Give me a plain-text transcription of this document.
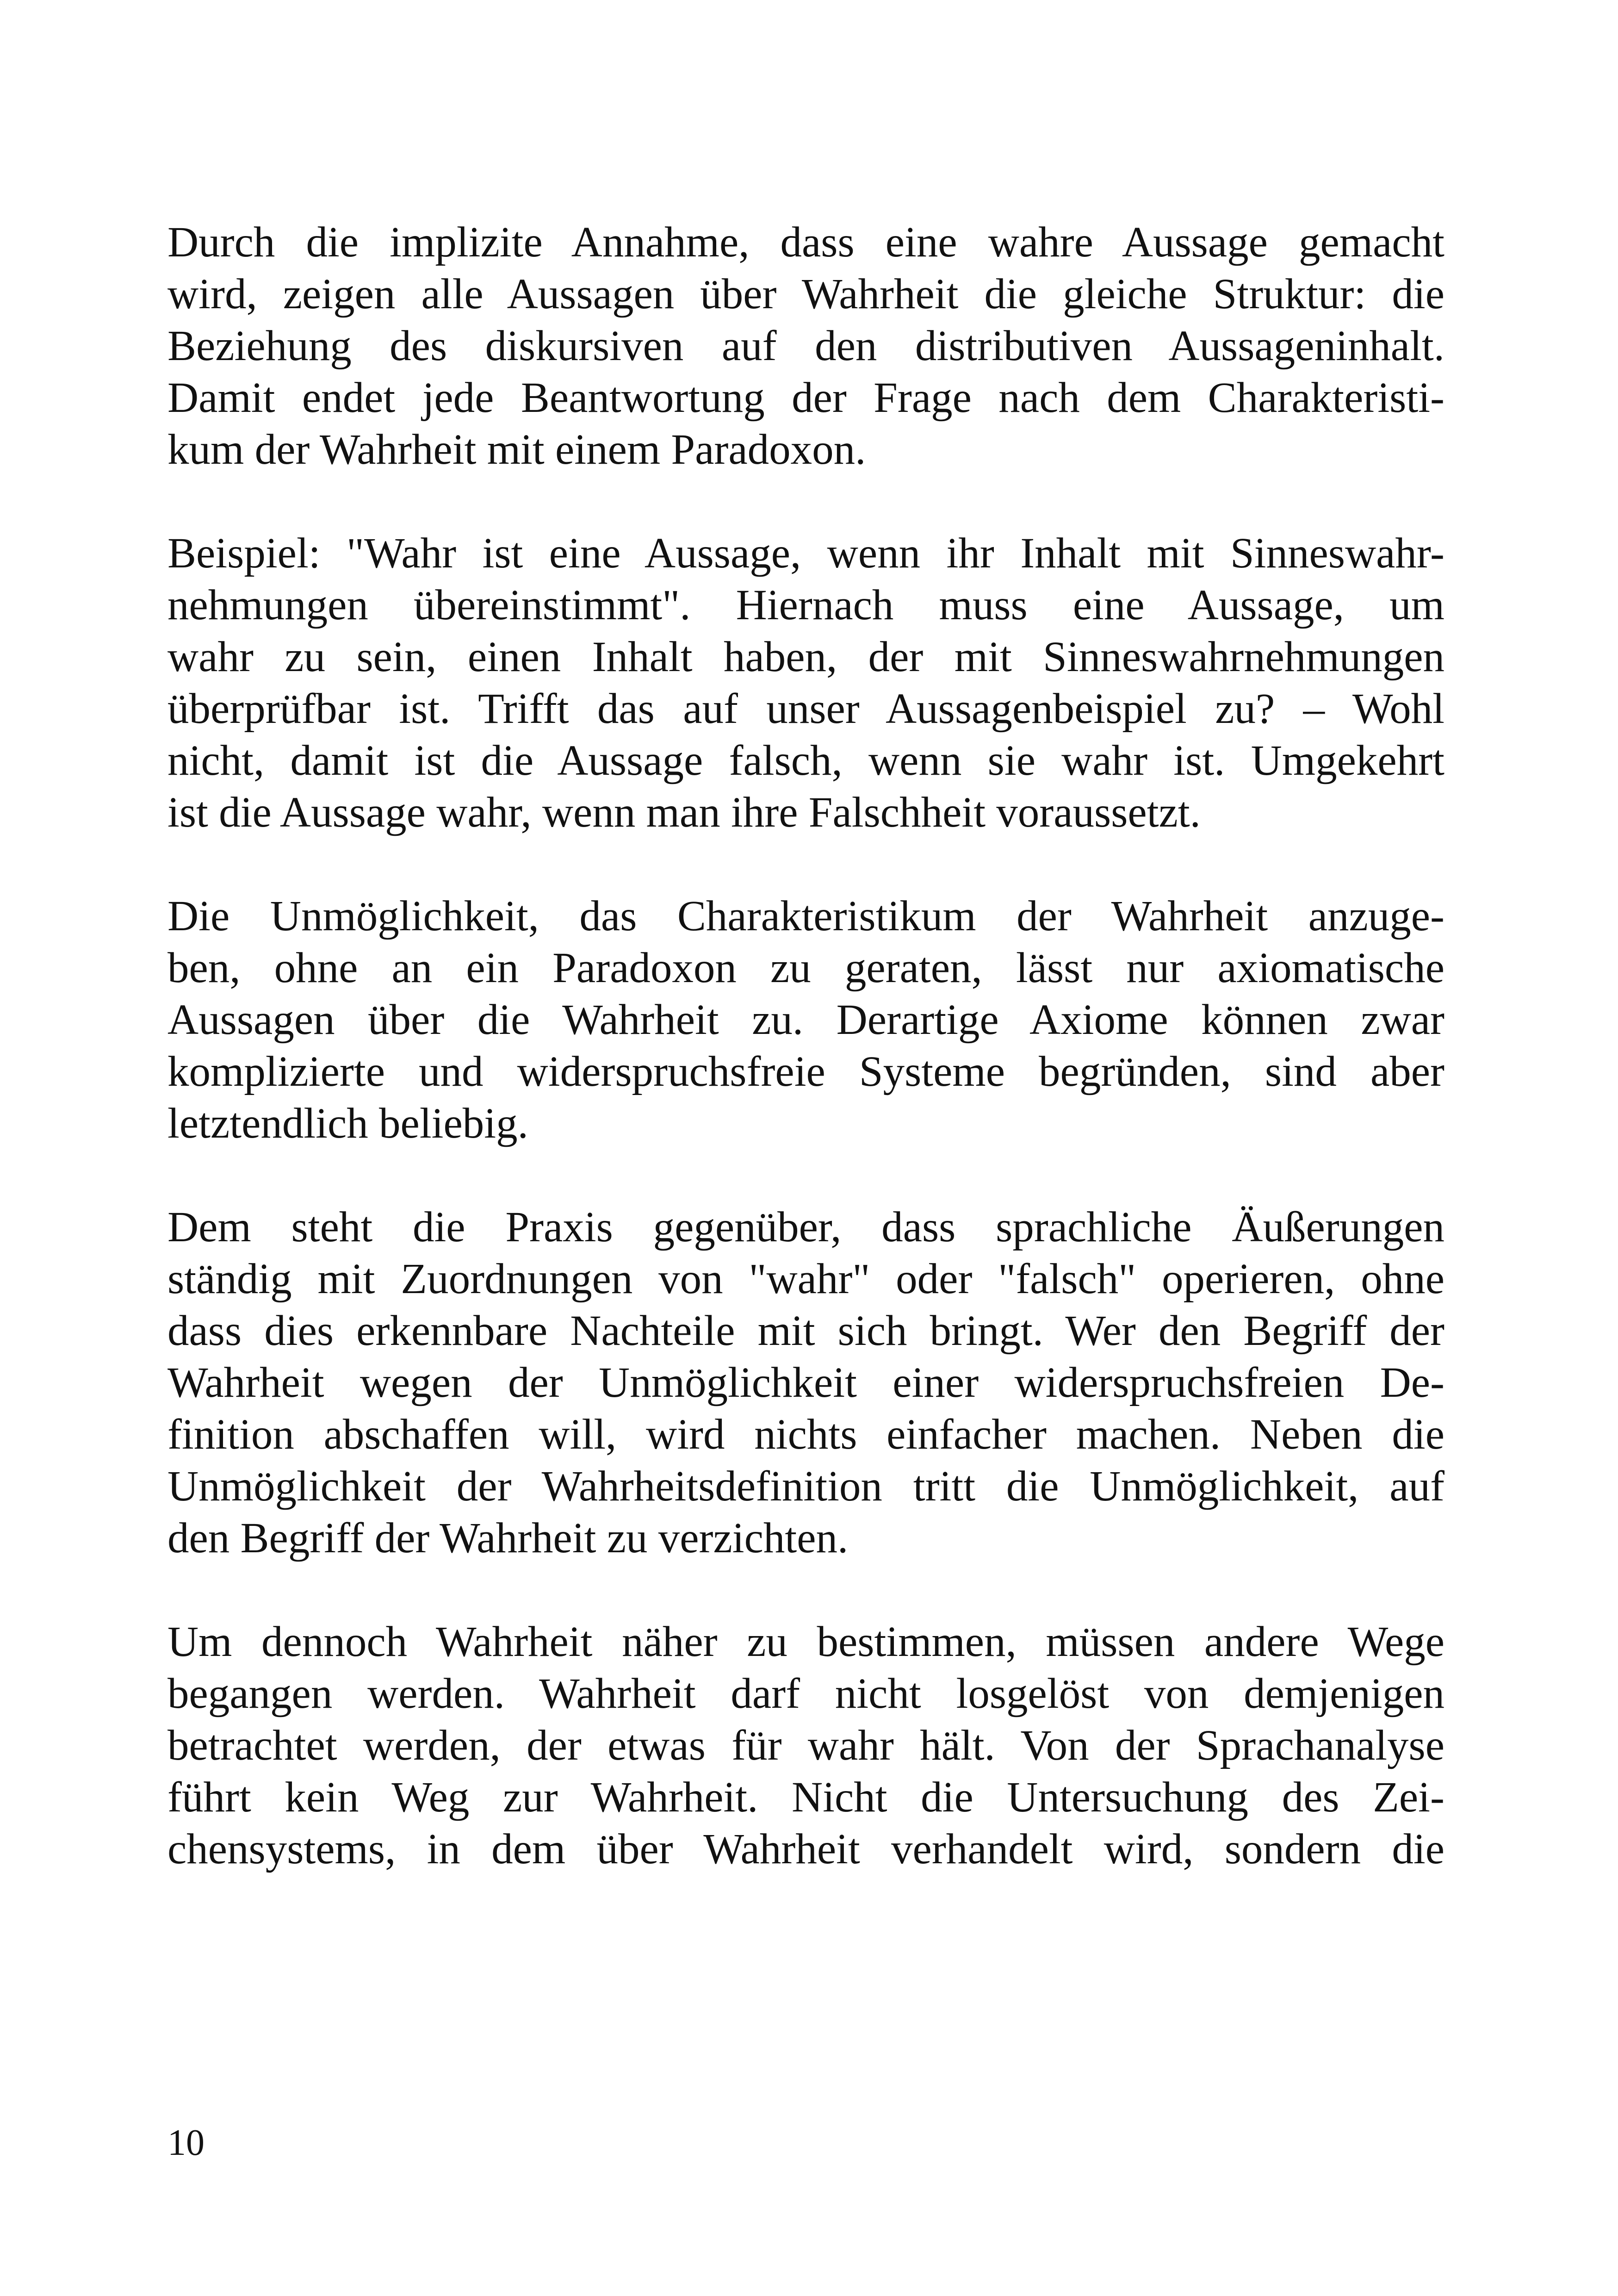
Durch die implizite Annahme, dass eine wahre Aussage gemacht
wird, zeigen alle Aussagen über Wahrheit die gleiche Struktur: die
Beziehung des diskursiven auf den distributiven Aussageninhalt.
Damit endet jede Beantwortung der Frage nach dem Charakteristi-
kum der Wahrheit mit einem Paradoxon.

Beispiel: "Wahr ist eine Aussage, wenn ihr Inhalt mit Sinneswahr-
nehmungen übereinstimmt". Hiernach muss eine Aussage, um
wahr zu sein, einen Inhalt haben, der mit Sinneswahrnehmungen
überprüfbar ist. Trifft das auf unser Aussagenbeispiel zu? – Wohl
nicht, damit ist die Aussage falsch, wenn sie wahr ist. Umgekehrt
ist die Aussage wahr, wenn man ihre Falschheit voraussetzt.

Die Unmöglichkeit, das Charakteristikum der Wahrheit anzuge-
ben, ohne an ein Paradoxon zu geraten, lässt nur axiomatische
Aussagen über die Wahrheit zu. Derartige Axiome können zwar
komplizierte und widerspruchsfreie Systeme begründen, sind aber
letztendlich beliebig.

Dem steht die Praxis gegenüber, dass sprachliche Äußerungen
ständig mit Zuordnungen von "wahr" oder "falsch" operieren, ohne
dass dies erkennbare Nachteile mit sich bringt. Wer den Begriff der
Wahrheit wegen der Unmöglichkeit einer widerspruchsfreien De-
finition abschaffen will, wird nichts einfacher machen. Neben die
Unmöglichkeit der Wahrheitsdefinition tritt die Unmöglichkeit, auf
den Begriff der Wahrheit zu verzichten.

Um dennoch Wahrheit näher zu bestimmen, müssen andere Wege
begangen werden. Wahrheit darf nicht losgelöst von demjenigen
betrachtet werden, der etwas für wahr hält. Von der Sprachanalyse
führt kein Weg zur Wahrheit. Nicht die Untersuchung des Zei-
chensystems, in dem über Wahrheit verhandelt wird, sondern die

10
